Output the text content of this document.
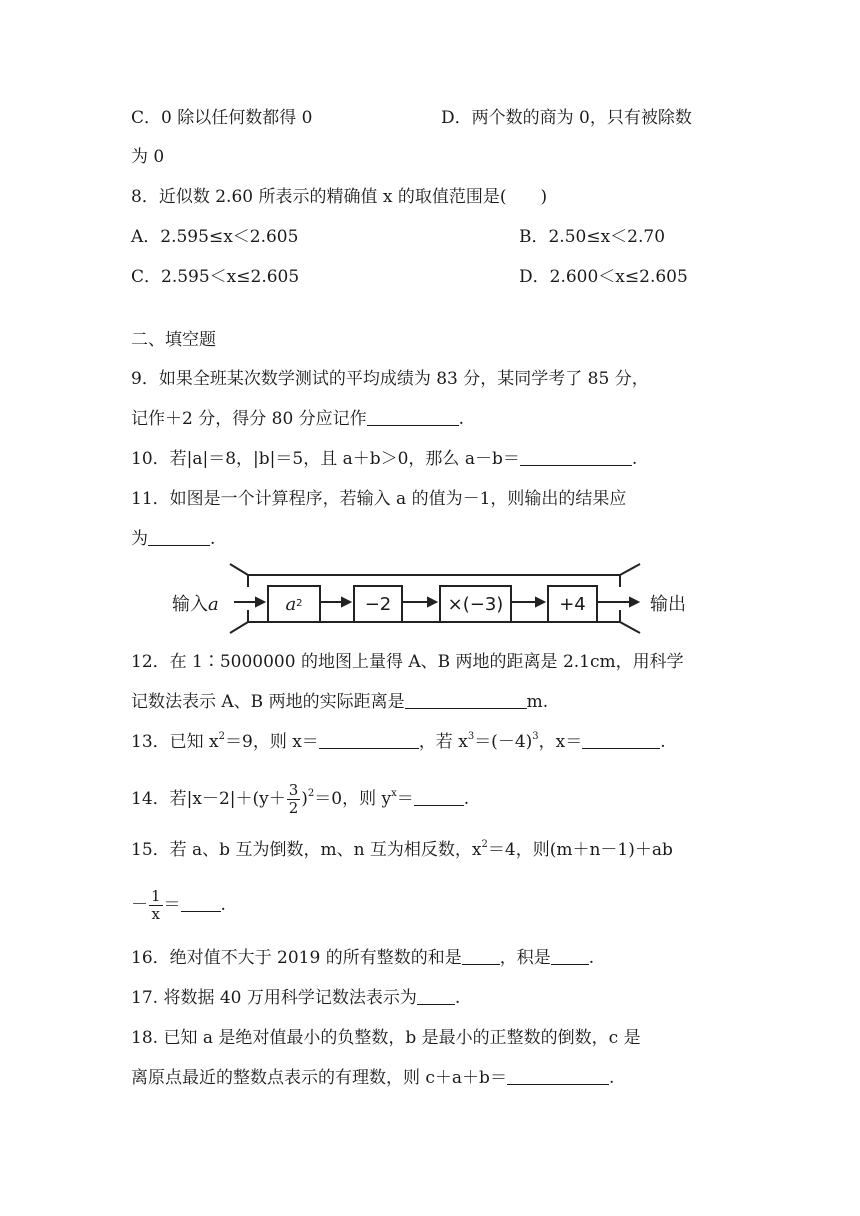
C．0 除以任何数都得 0	D．两个数的商为 0，只有被除数
为 0
8．近似数 2.60 所表示的精确值 x 的取值范围是(　　)
A．2.595≤x＜2.605	B．2.50≤x＜2.70
C．2.595＜x≤2.605	D．2.600＜x≤2.605
二、填空题
9．如果全班某次数学测试的平均成绩为 83 分，某同学考了 85 分，
记作＋2 分，得分 80 分应记作	.
10．若|a|＝8，|b|＝5，且 a＋b＞0，那么 a－b＝	.
11．如图是一个计算程序，若输入 a 的值为－1，则输出的结果应
为	.
输入a	a 2	−2	×(−3)	+4	输出
12．在 1∶5000000 的地图上量得 A、B 两地的距离是 2.1cm，用科学
记数法表示 A、B 两地的实际距离是	m.
13．已知 $x^2=9$，则 x＝	，若 $x^3=(-4)^3$，x＝	.
14．若$|x-2|+(y+ \frac{3}{2} )^2=0$，则 $y^x=$	.
15．若 a、b 互为倒数，m、n 互为相反数，$x^2=4$，则(m＋n－1)＋ab
－ $\frac{1}{x}$ ＝ .
16．绝对值不大于 2019 的所有整数的和是 ，积是 .
17. 将数据 40 万用科学记数法表示为 .
18. 已知 a 是绝对值最小的负整数，b 是最小的正整数的倒数，c 是
离原点最近的整数点表示的有理数，则 c＋a＋b＝	.
